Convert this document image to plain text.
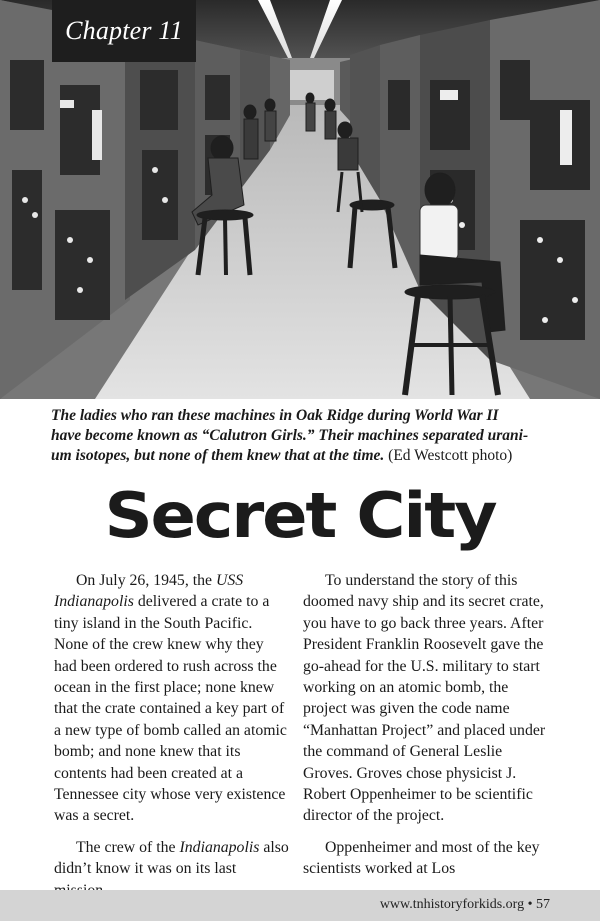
Chapter 11
The ladies who ran these machines in Oak Ridge during World War II
have become known as “Calutron Girls.” Their machines separated urani-
um isotopes, but none of them knew that at the time. (Ed Westcott photo)
Secret City

On July 26, 1945, the USS Indianapolis delivered a crate to a tiny island in the South Pacific. None of the crew knew why they had been ordered to rush across the ocean in the first place; none knew that the crate contained a key part of a new type of bomb called an atomic bomb; and none knew that its contents had been created at a Tennessee city whose very existence was a secret.

The crew of the Indianapolis also didn’t know it was on its last

To understand the story of this doomed navy ship and its secret crate, you have to go back three years. After President Franklin Roosevelt gave the go-ahead for the U.S. military to start working on an atomic bomb, the project was given the code name “Manhattan Project” and placed under the command of General Leslie Groves. Groves chose physicist J. Robert Oppenheimer to be scientific director of the project.

Oppenheimer and most of the key scientists worked at Los

www.tnhistoryforkids.org • 57
